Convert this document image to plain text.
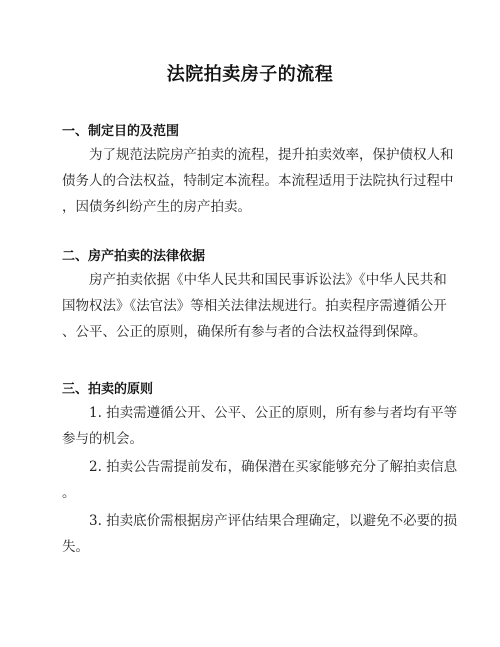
法院拍卖房子的流程
一、制定目的及范围
　　为了规范法院房产拍卖的流程，提升拍卖效率，保护债权人和
债务人的合法权益，特制定本流程。本流程适用于法院执行过程中
，因债务纠纷产生的房产拍卖。
二、房产拍卖的法律依据
　　房产拍卖依据《中华人民共和国民事诉讼法》《中华人民共和
国物权法》《法官法》等相关法律法规进行。拍卖程序需遵循公开
、公平、公正的原则，确保所有参与者的合法权益得到保障。
三、拍卖的原则
　　1. 拍卖需遵循公开、公平、公正的原则，所有参与者均有平等
参与的机会。
　　2. 拍卖公告需提前发布，确保潜在买家能够充分了解拍卖信息
。
　　3. 拍卖底价需根据房产评估结果合理确定，以避免不必要的损
失。
